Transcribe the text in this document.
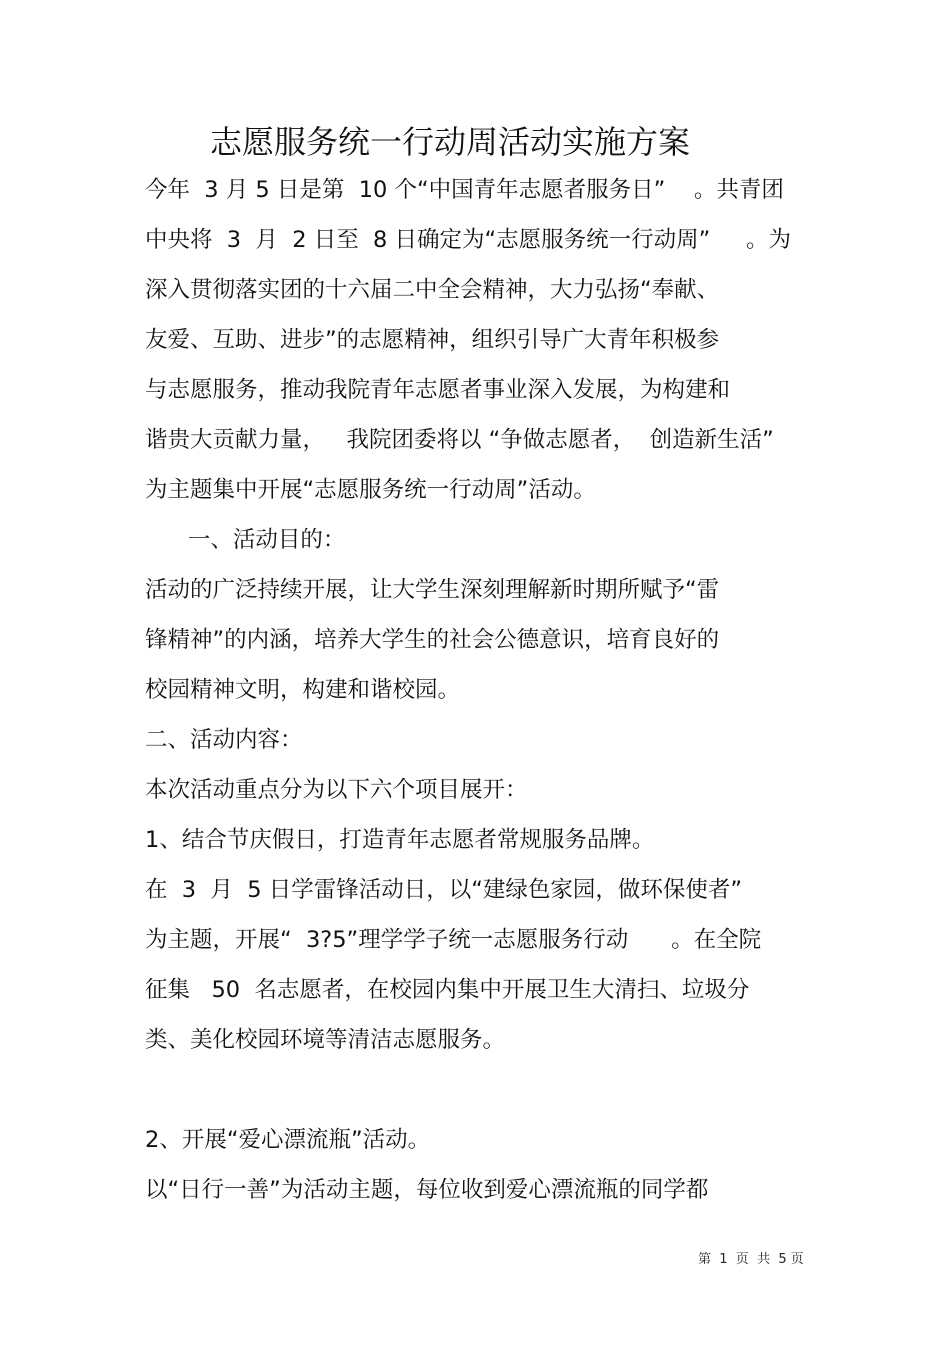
志愿服务统一行动周活动实施方案

今年  3 月 5 日是第  10 个“中国青年志愿者服务日”    。共青团

中央将  3  月  2 日至  8 日确定为“志愿服务统一行动周”     。为

深入贯彻落实团的十六届二中全会精神，大力弘扬“奉献、

友爱、互助、进步”的志愿精神，组织引导广大青年积极参

与志愿服务，推动我院青年志愿者事业深入发展，为构建和

谐贵大贡献力量，   我院团委将以 “争做志愿者，  创造新生活”

为主题集中开展“志愿服务统一行动周”活动。

一、活动目的：

活动的广泛持续开展，让大学生深刻理解新时期所赋予“雷

锋精神”的内涵，培养大学生的社会公德意识，培育良好的

校园精神文明，构建和谐校园。

二、活动内容：

本次活动重点分为以下六个项目展开：

1、结合节庆假日，打造青年志愿者常规服务品牌。

在  3  月  5 日学雷锋活动日，以“建绿色家园，做环保使者”

为主题，开展“  3?5”理学学子统一志愿服务行动      。在全院

征集   50  名志愿者，在校园内集中开展卫生大清扫、垃圾分

类、美化校园环境等清洁志愿服务。

2、开展“爱心漂流瓶”活动。

以“日行一善”为活动主题，每位收到爱心漂流瓶的同学都

第  1  页  共  5 页
